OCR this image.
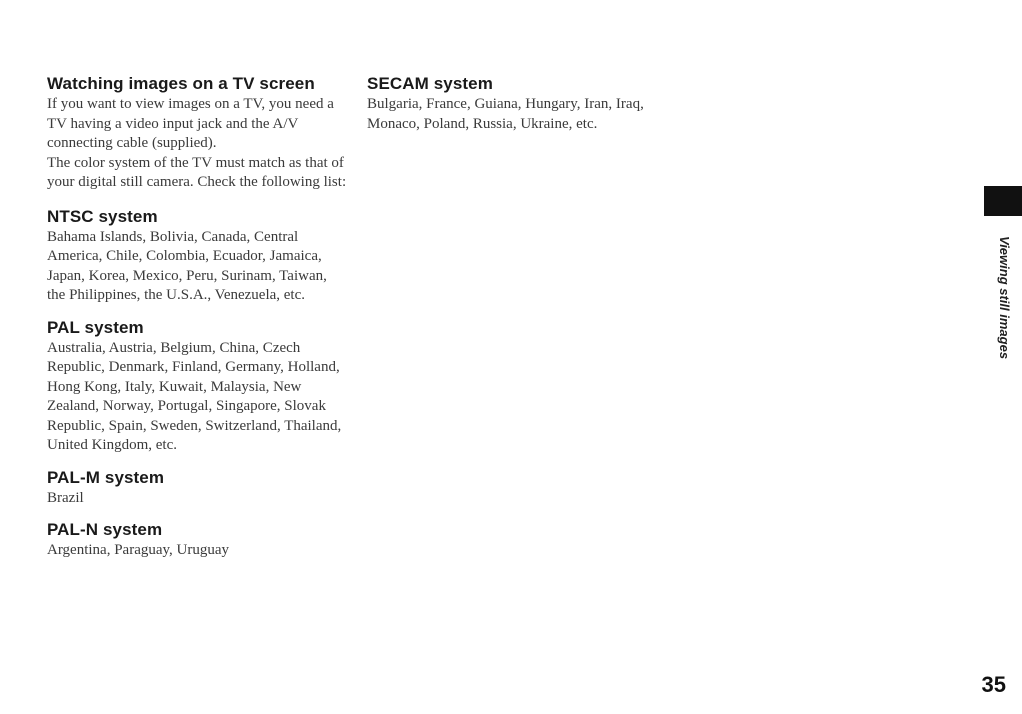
Watching images on a TV screen

If you want to view images on a TV, you need a TV having a video input jack and the A/V connecting cable (supplied).

The color system of the TV must match as that of your digital still camera. Check the following list:

NTSC system

Bahama Islands, Bolivia, Canada, Central America, Chile, Colombia, Ecuador, Jamaica, Japan, Korea, Mexico, Peru, Surinam, Taiwan, the Philippines, the U.S.A., Venezuela, etc.

PAL system

Australia, Austria, Belgium, China, Czech Republic, Denmark, Finland, Germany, Holland, Hong Kong, Italy, Kuwait, Malaysia, New Zealand, Norway, Portugal, Singapore, Slovak Republic, Spain, Sweden, Switzerland, Thailand, United Kingdom, etc.

PAL-M system

Brazil

PAL-N system

Argentina, Paraguay, Uruguay

SECAM system

Bulgaria, France, Guiana, Hungary, Iran, Iraq, Monaco, Poland, Russia, Ukraine, etc.

Viewing still images
35
